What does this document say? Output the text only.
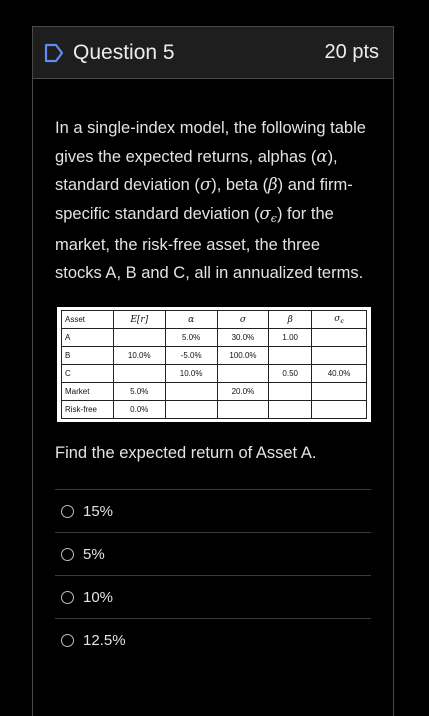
Question 5	20 pts
In a single-index model, the following table gives the expected returns, alphas (α), standard deviation (σ), beta (β) and firm-specific standard deviation $(\sigma_\epsilon)$ for the market, the risk-free asset, the three stocks A, B and C, all in annualized terms.
Asset	E[r]	α	σ	β	$\sigma_\epsilon$
A		5.0%	30.0%	1.00	
B	10.0%	-5.0%	100.0%		
C		10.0%		0.50	40.0%
Market	5.0%		20.0%		
Risk-free	0.0%				
Find the expected return of Asset A.
15%
5%
10%
12.5%
